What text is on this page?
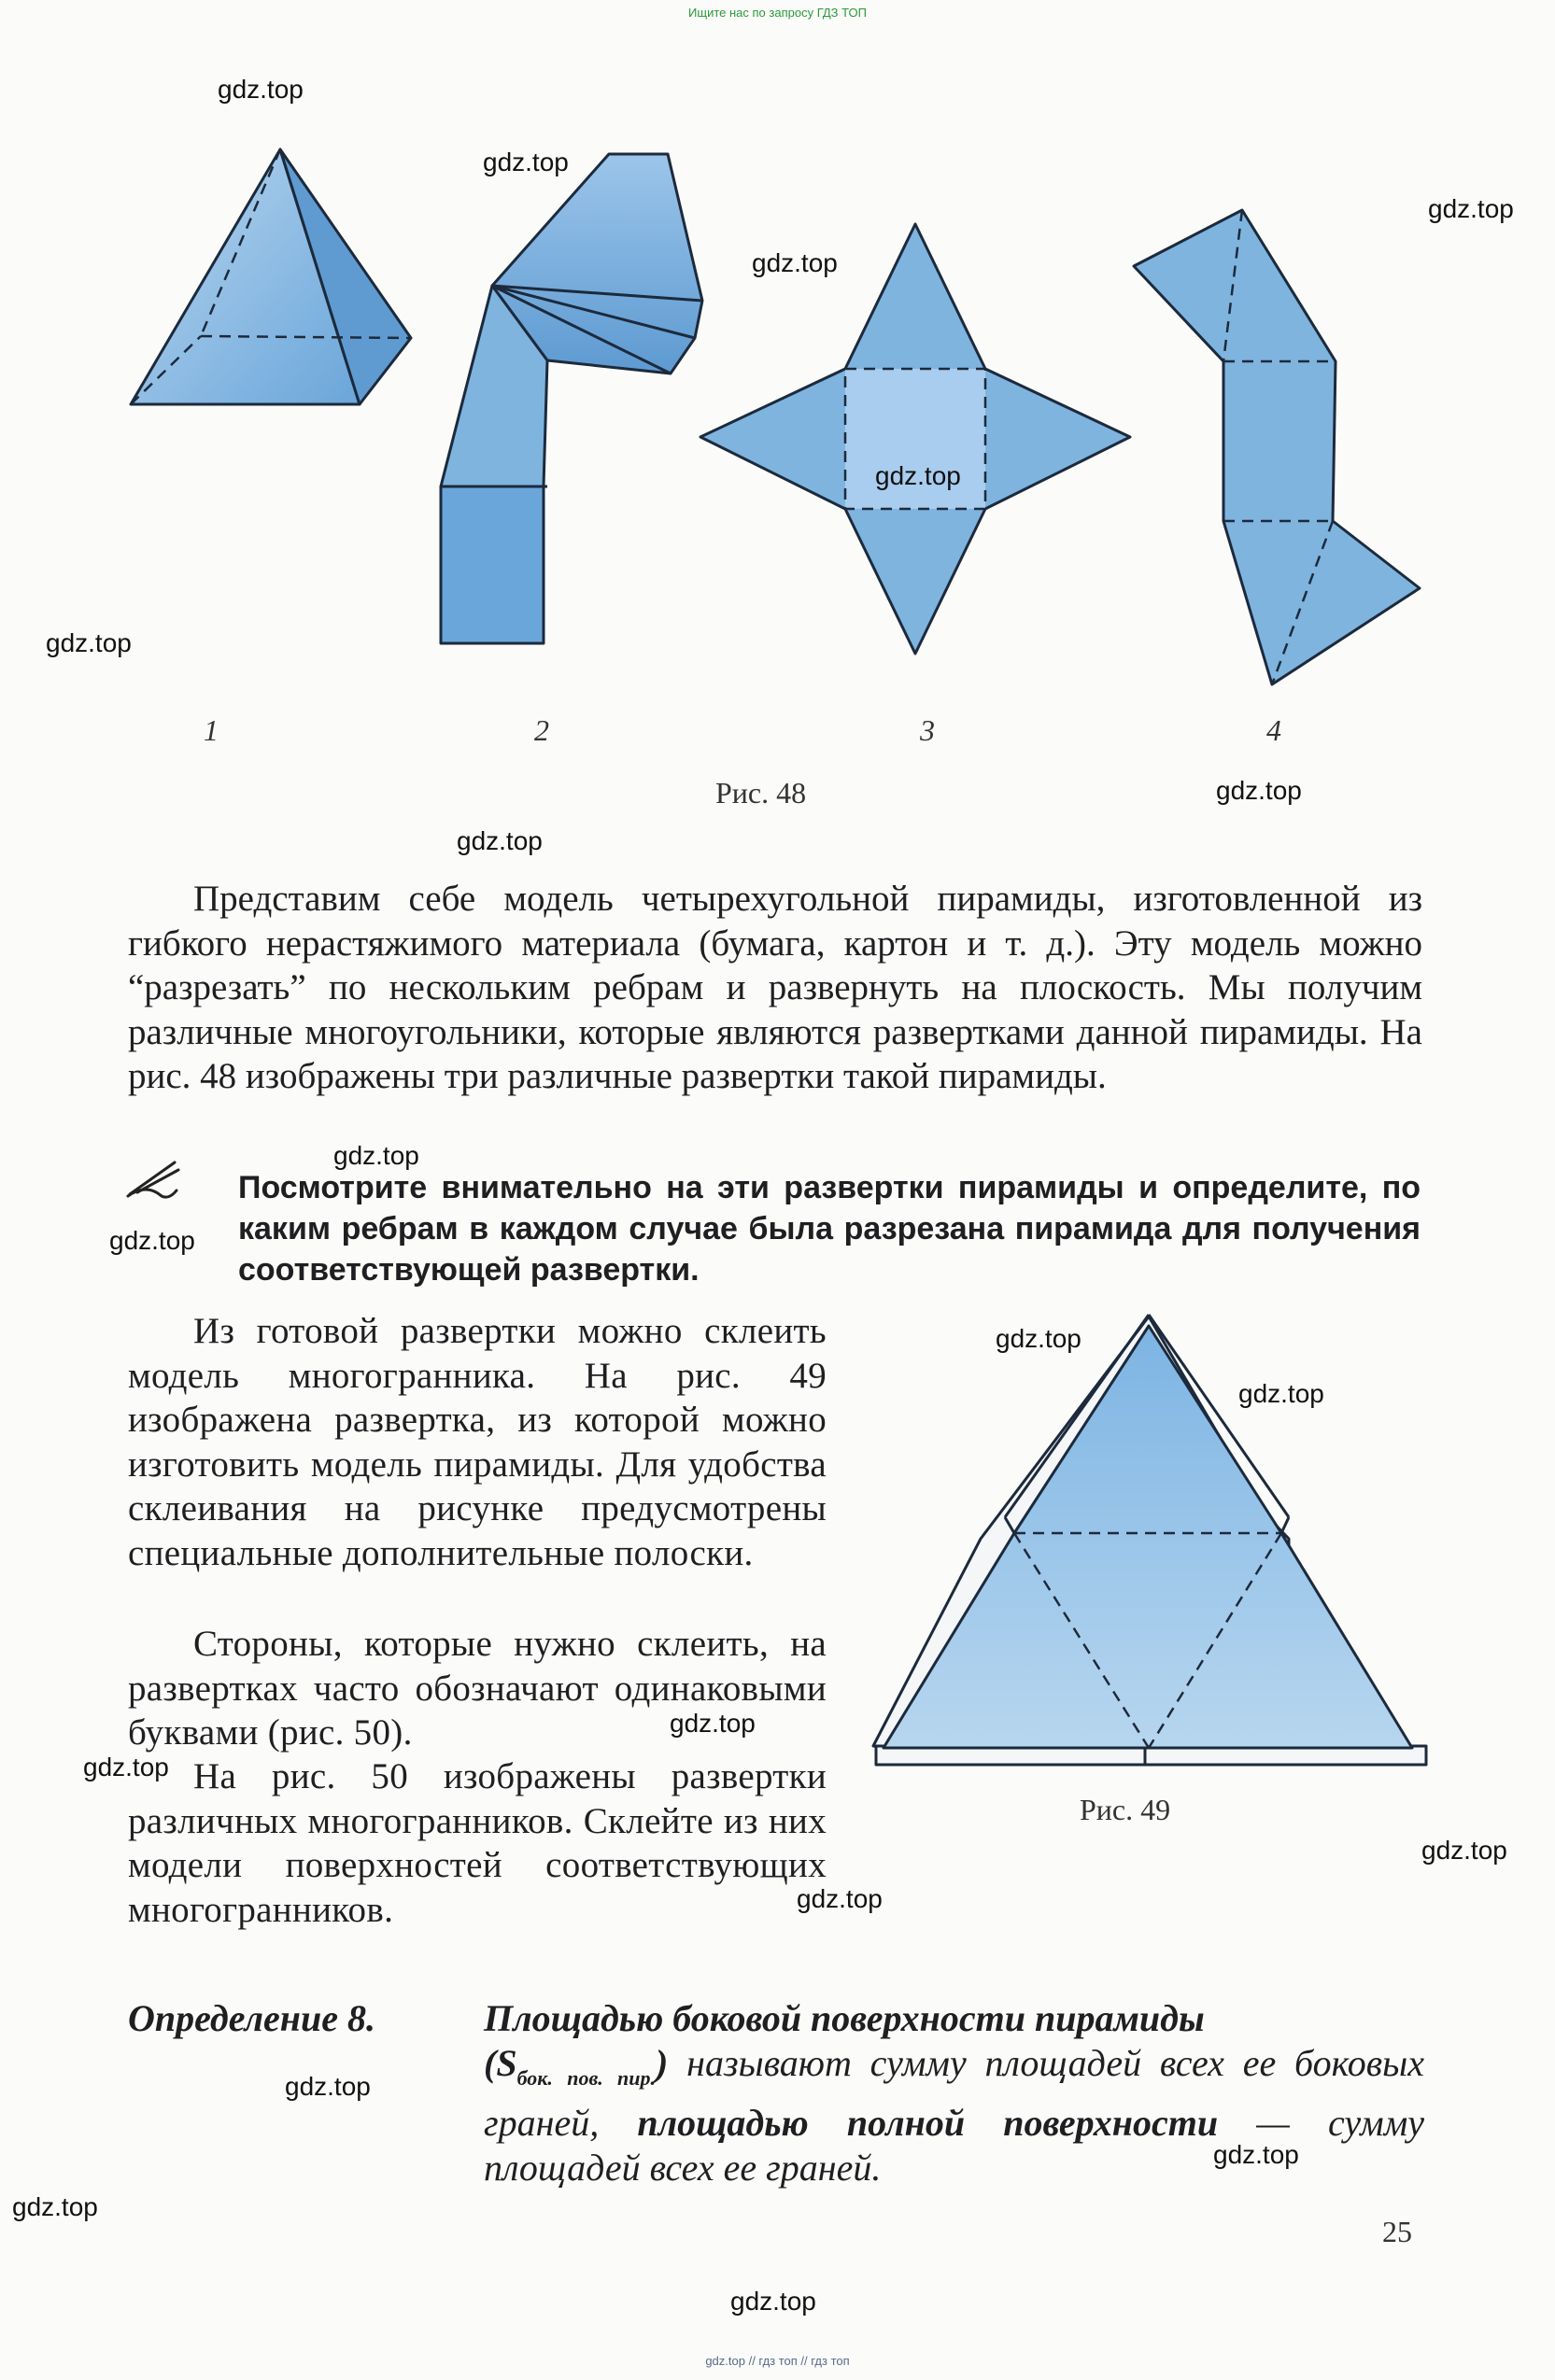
Ищите нас по запросу ГДЗ ТОП
gdz.top // гдз топ // гдз топ
1	2	3	4
Рис. 48

Представим себе модель четырехугольной пирамиды, изготовленной из гибкого нерастяжимого материала (бумага, картон и т. д.). Эту модель можно “разрезать” по нескольким ребрам и развернуть на плоскость. Мы получим различные многоугольники, которые являются развертками данной пирамиды. На рис. 48 изображены три различные развертки такой пирамиды.

Посмотрите внимательно на эти развертки пирамиды и определите, по каким ребрам в каждом случае была разрезана пирамида для получения соответствующей развертки.

Из готовой развертки можно склеить модель многогранника. На рис. 49 изображена развертка, из которой можно изготовить модель пирамиды. Для удобства склеивания на рисунке предусмотрены специальные дополнительные полоски.

Стороны, которые нужно склеить, на развертках часто обозначают одинаковыми буквами (рис. 50).

На рис. 50 изображены развертки различных многогранников. Склейте из них модели поверхностей соответствующих многогранников.

Рис. 49
Определение 8.	Площадью боковой поверхности пирамиды
$(S_{бок. пов. пир.})$ называют сумму площадей всех ее боковых граней, площадью полной поверхности — сумму площадей всех ее граней.
25
gdz.top
gdz.top
gdz.top
gdz.top
gdz.top
gdz.top
gdz.top
gdz.top
gdz.top
gdz.top
gdz.top
gdz.top
gdz.top
gdz.top
gdz.top
gdz.top
gdz.top
gdz.top
gdz.top
gdz.top
